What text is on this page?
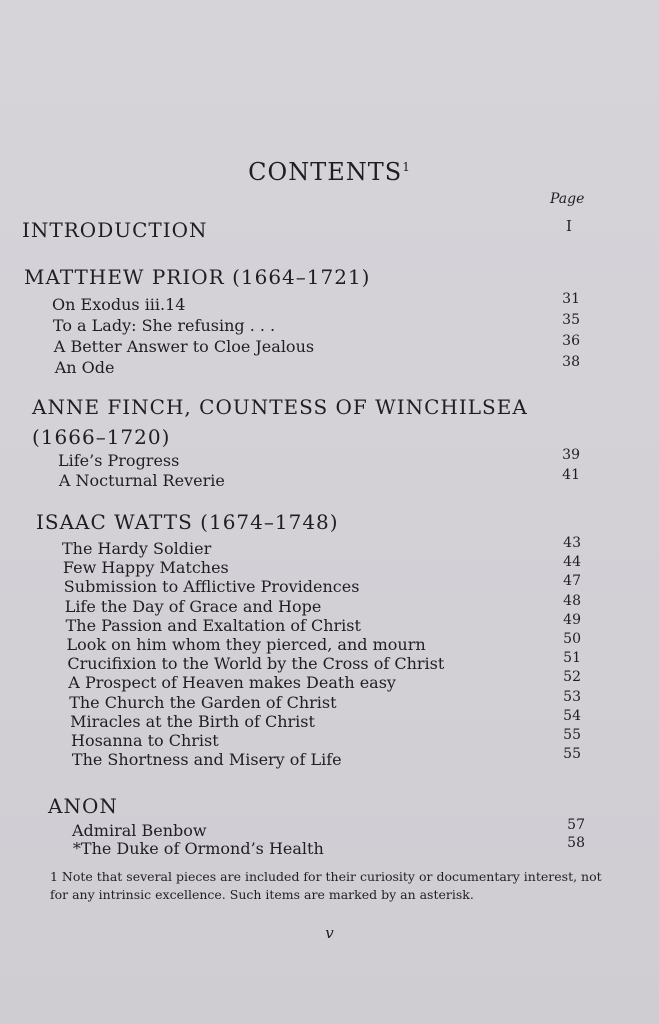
CONTENTS$^1$
Page
INTRODUCTION	I
MATTHEW PRIOR (1664–1721)
On Exodus iii.14	31
To a Lady: She refusing . . .	35
A Better Answer to Cloe Jealous	36
An Ode	38
ANNE FINCH, COUNTESS OF WINCHILSEA
(1666–1720)
Life’s Progress	39
A Nocturnal Reverie	41
ISAAC WATTS (1674–1748)
The Hardy Soldier	43
Few Happy Matches	44
Submission to Afflictive Providences	47
Life the Day of Grace and Hope	48
The Passion and Exaltation of Christ	49
Look on him whom they pierced, and mourn	50
Crucifixion to the World by the Cross of Christ	51
A Prospect of Heaven makes Death easy	52
The Church the Garden of Christ	53
Miracles at the Birth of Christ	54
Hosanna to Christ	55
The Shortness and Misery of Life	55
ANON
Admiral Benbow	57
*The Duke of Ormond’s Health	58
1 Note that several pieces are included for their curiosity or documentary interest, not for any intrinsic excellence. Such items are marked by an asterisk.
v
